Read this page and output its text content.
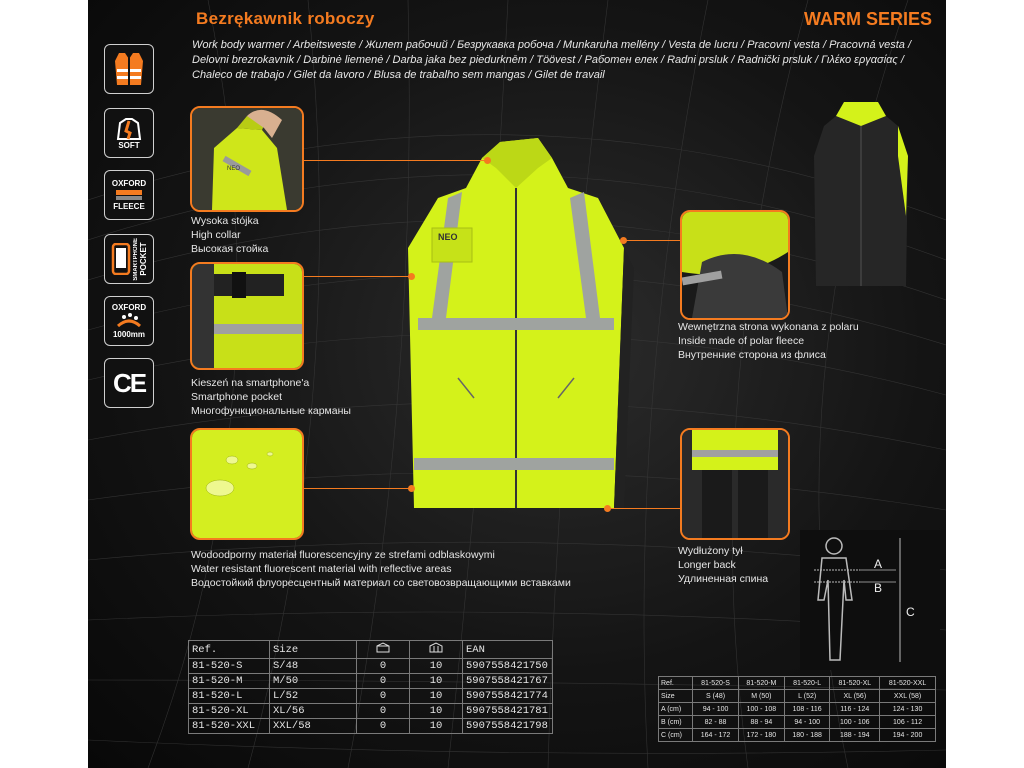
Bezrękawnik roboczy	WARM SERIES
Work body warmer / Arbeitsweste / Жилет рабочий / Безрукавка робоча / Munkaruha mellény / Vesta de lucru / Pracovní vesta / Pracovná vesta / Delovni brezrokavnik / Darbinė liemenė / Darba jaka bez piedurknēm / Töövest / Работен елек / Radni prsluk / Radnički prsluk / Γιλέκο εργασίας / Chaleco de trabajo / Gilet da lavoro / Blusa de trabalho sem mangas / Gilet de travail
SOFT
OXFORD
FLEECE
SMARTPHONE POCKET
OXFORD
1000mm
CE
NEO
Wysoka stójka
High collar
Высокая стойка
Kieszeń na smartphone'a
Smartphone pocket
Многофункциональные карманы
Wodoodporny materiał fluorescencyjny ze strefami odblaskowymi
Water resistant fluorescent material with reflective areas
Водостойкий флуоресцентный материал со световозвращающими вставками
NEO
Wewnętrzna strona wykonana z polaru
Inside made of polar fleece
Внутренние сторона из флиса
Wydłużony tył
Longer back
Удлиненная спина
A
B
C
Ref.	Size			EAN
81-520-S	S/48	0	10	5907558421750
81-520-M	M/50	0	10	5907558421767
81-520-L	L/52	0	10	5907558421774
81-520-XL	XL/56	0	10	5907558421781
81-520-XXL	XXL/58	0	10	5907558421798
Ref.	81-520-S	81-520-M	81-520-L	81-520-XL	81-520-XXL
Size	S (48)	M (50)	L (52)	XL (56)	XXL (58)
A (cm)	94 - 100	100 - 108	108 - 116	116 - 124	124 - 130
B (cm)	82 - 88	88 - 94	94 - 100	100 - 106	106 - 112
C (cm)	164 - 172	172 - 180	180 - 188	188 - 194	194 - 200
